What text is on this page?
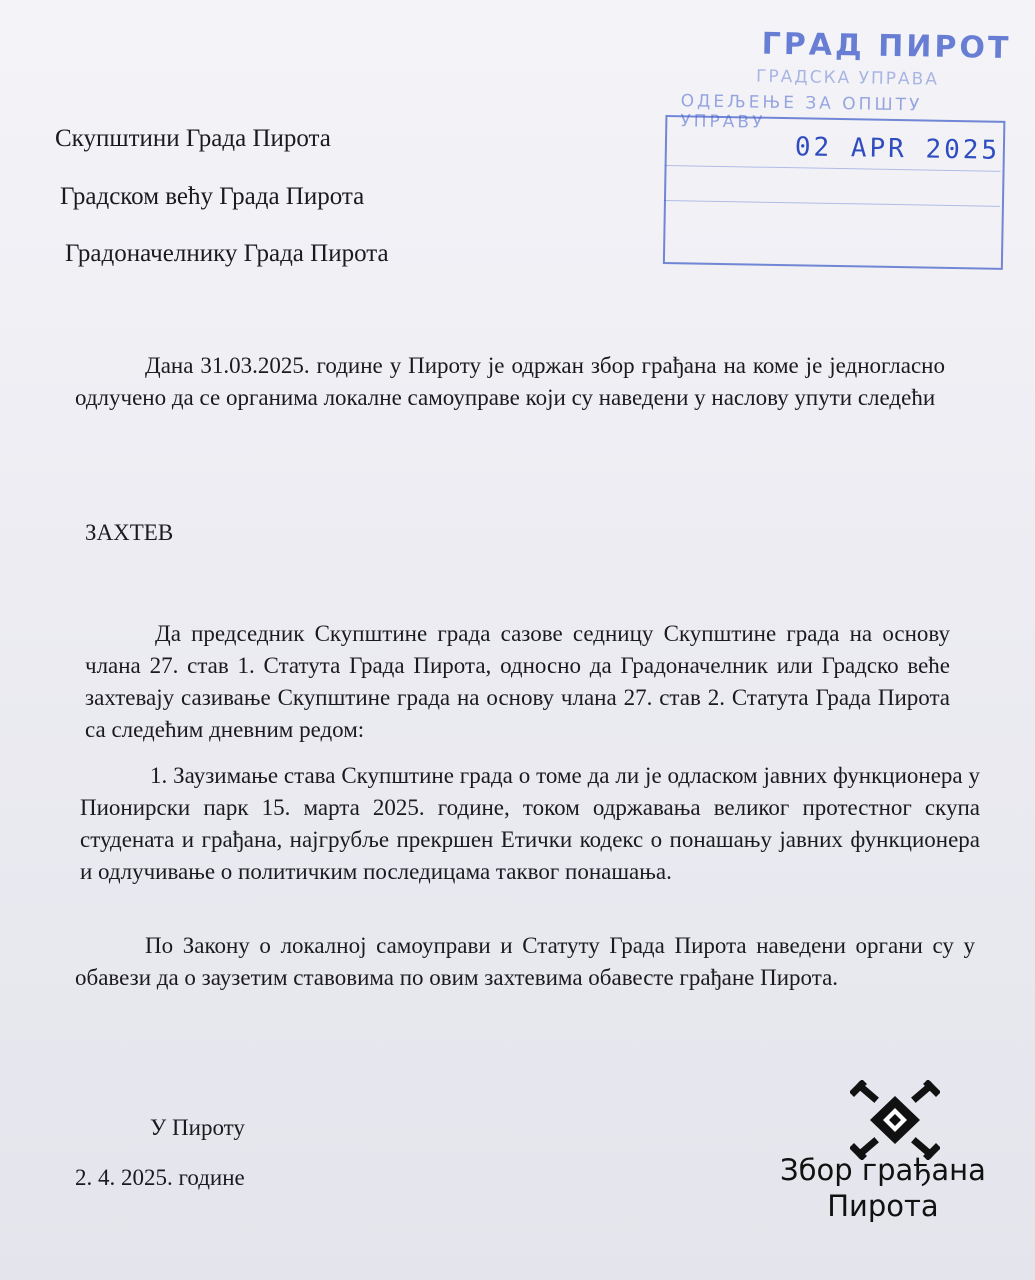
ГРАД ПИРОТ
ГРАДСКА УПРАВА
ОДЕЉЕЊЕ ЗА ОПШТУ УПРАВУ
02 APR 2025
Скупштини Града Пирота
Градском већу Града Пирота
Градоначелнику Града Пирота
Дана 31.03.2025. године у Пироту је одржан збор грађана на коме је једногласно одлучено да се органима локалне самоуправе који су наведени у наслову упути следећи
ЗАХТЕВ
Да председник Скупштине града сазове седницу Скупштине града на основу члана 27. став 1. Статута Града Пирота, односно да Градоначелник или Градско веће захтевају сазивање Скупштине града на основу члана 27. став 2. Статута Града Пирота са следећим дневним редом:
1. Заузимање става Скупштине града о томе да ли је одласком јавних функционера у Пионирски парк 15. марта 2025. године, током одржавања великог протестног скупа студената и грађана, најгрубље прекршен Етички кодекс о понашању јавних функционера и одлучивање о политичким последицама таквог понашања.
По Закону о локалној самоуправи и Статуту Града Пирота наведени органи су у обавези да о заузетим ставовима по овим захтевима обавесте грађане Пирота.
У Пироту
2. 4. 2025. године	Збор грађана
Пирота
